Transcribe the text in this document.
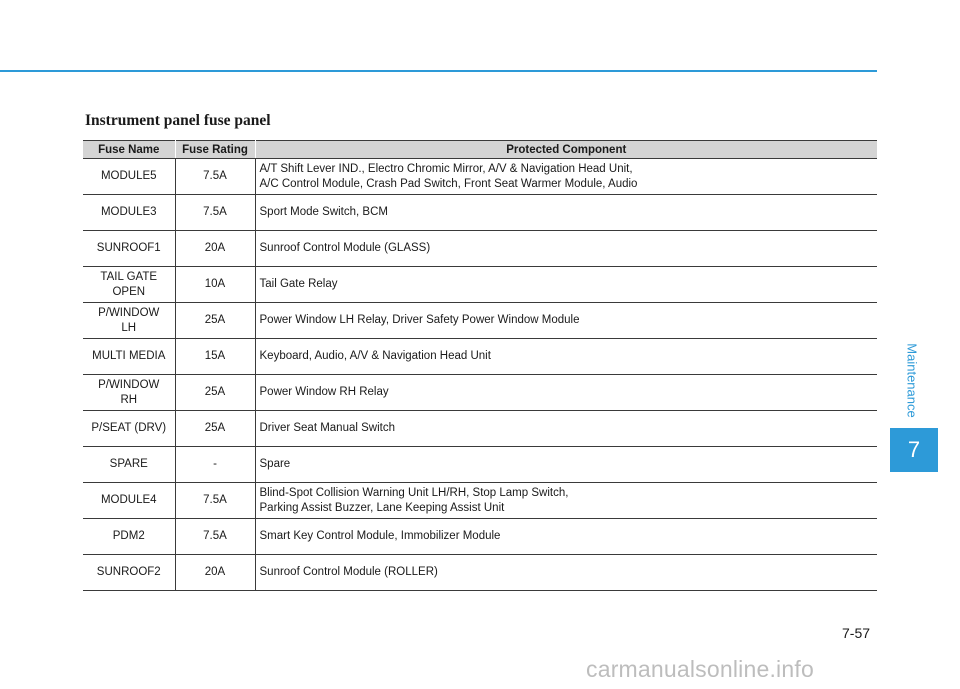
Instrument panel fuse panel
Fuse Name	Fuse Rating	Protected Component
MODULE5	7.5A	A/T Shift Lever IND., Electro Chromic Mirror, A/V & Navigation Head Unit,
A/C Control Module, Crash Pad Switch, Front Seat Warmer Module, Audio
MODULE3	7.5A	Sport Mode Switch, BCM
SUNROOF1	20A	Sunroof Control Module (GLASS)
TAIL GATE
OPEN	10A	Tail Gate Relay
P/WINDOW
LH	25A	Power Window LH Relay, Driver Safety Power Window Module
MULTI MEDIA	15A	Keyboard, Audio, A/V & Navigation Head Unit
P/WINDOW
RH	25A	Power Window RH Relay
P/SEAT (DRV)	25A	Driver Seat Manual Switch
SPARE	-	Spare
MODULE4	7.5A	Blind-Spot Collision Warning Unit LH/RH, Stop Lamp Switch,
Parking Assist Buzzer, Lane Keeping Assist Unit
PDM2	7.5A	Smart Key Control Module, Immobilizer Module
SUNROOF2	20A	Sunroof Control Module (ROLLER)
Maintenance
7
7-57
carmanualsonline.info
